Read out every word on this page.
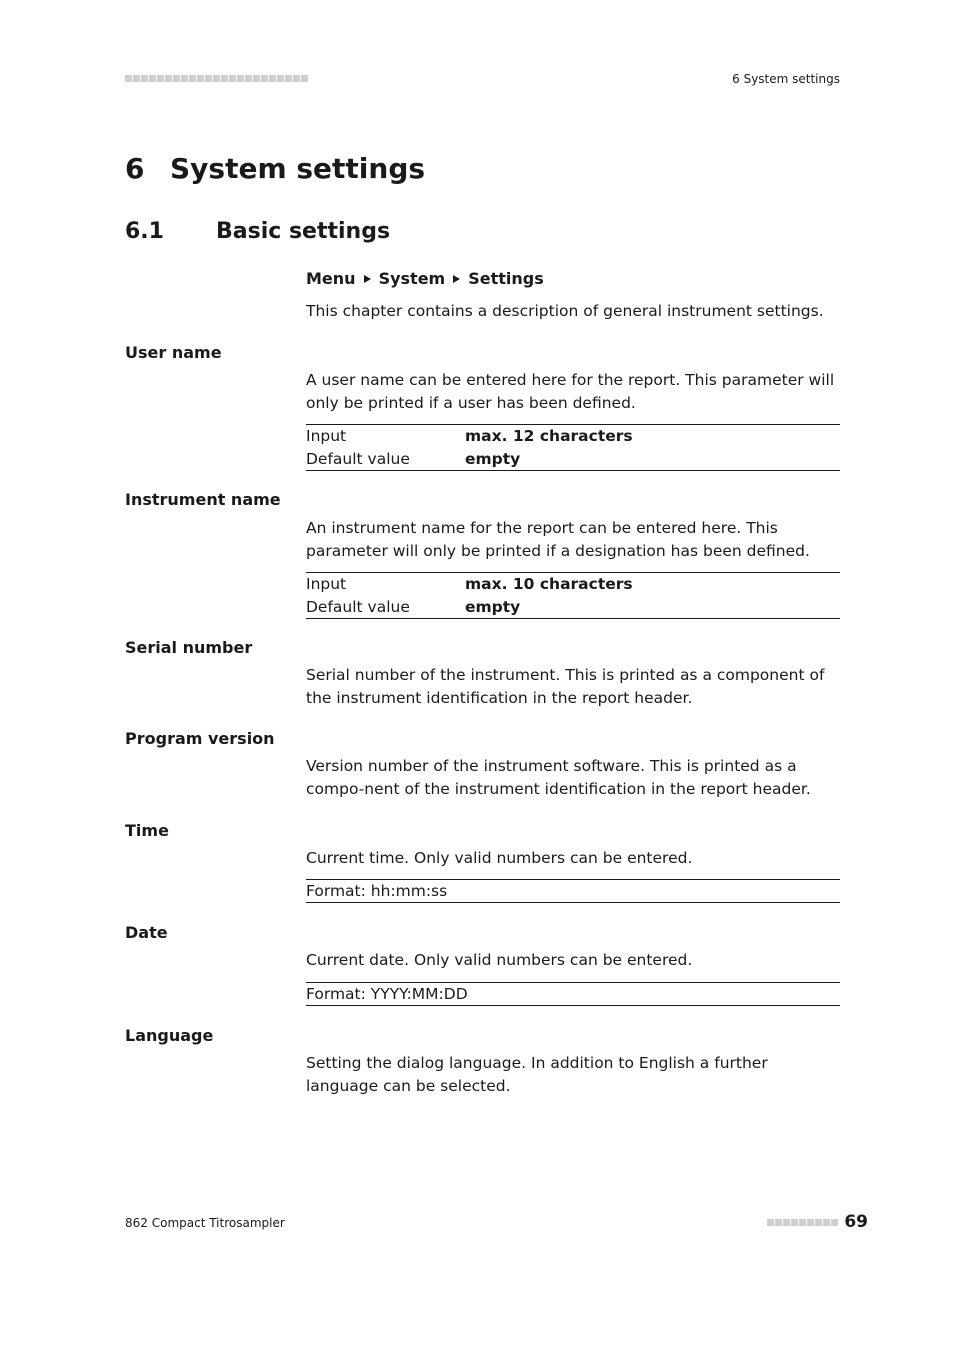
6 System settings
6 System settings
6.1	Basic settings
Menu System Settings
This chapter contains a description of general instrument settings.
User name
A user name can be entered here for the report. This parameter will only be printed if a user has been defined.
Input	max. 12 characters
Default value	empty
Instrument name
An instrument name for the report can be entered here. This parameter will only be printed if a designation has been defined.
Input	max. 10 characters
Default value	empty
Serial number
Serial number of the instrument. This is printed as a component of the instrument identification in the report header.
Program version
Version number of the instrument software. This is printed as a compo-nent of the instrument identification in the report header.
Time
Current time. Only valid numbers can be entered.
Format: hh:mm:ss
Date
Current date. Only valid numbers can be entered.
Format: YYYY:MM:DD
Language
Setting the dialog language. In addition to English a further language can be selected.
862 Compact Titrosampler	69
